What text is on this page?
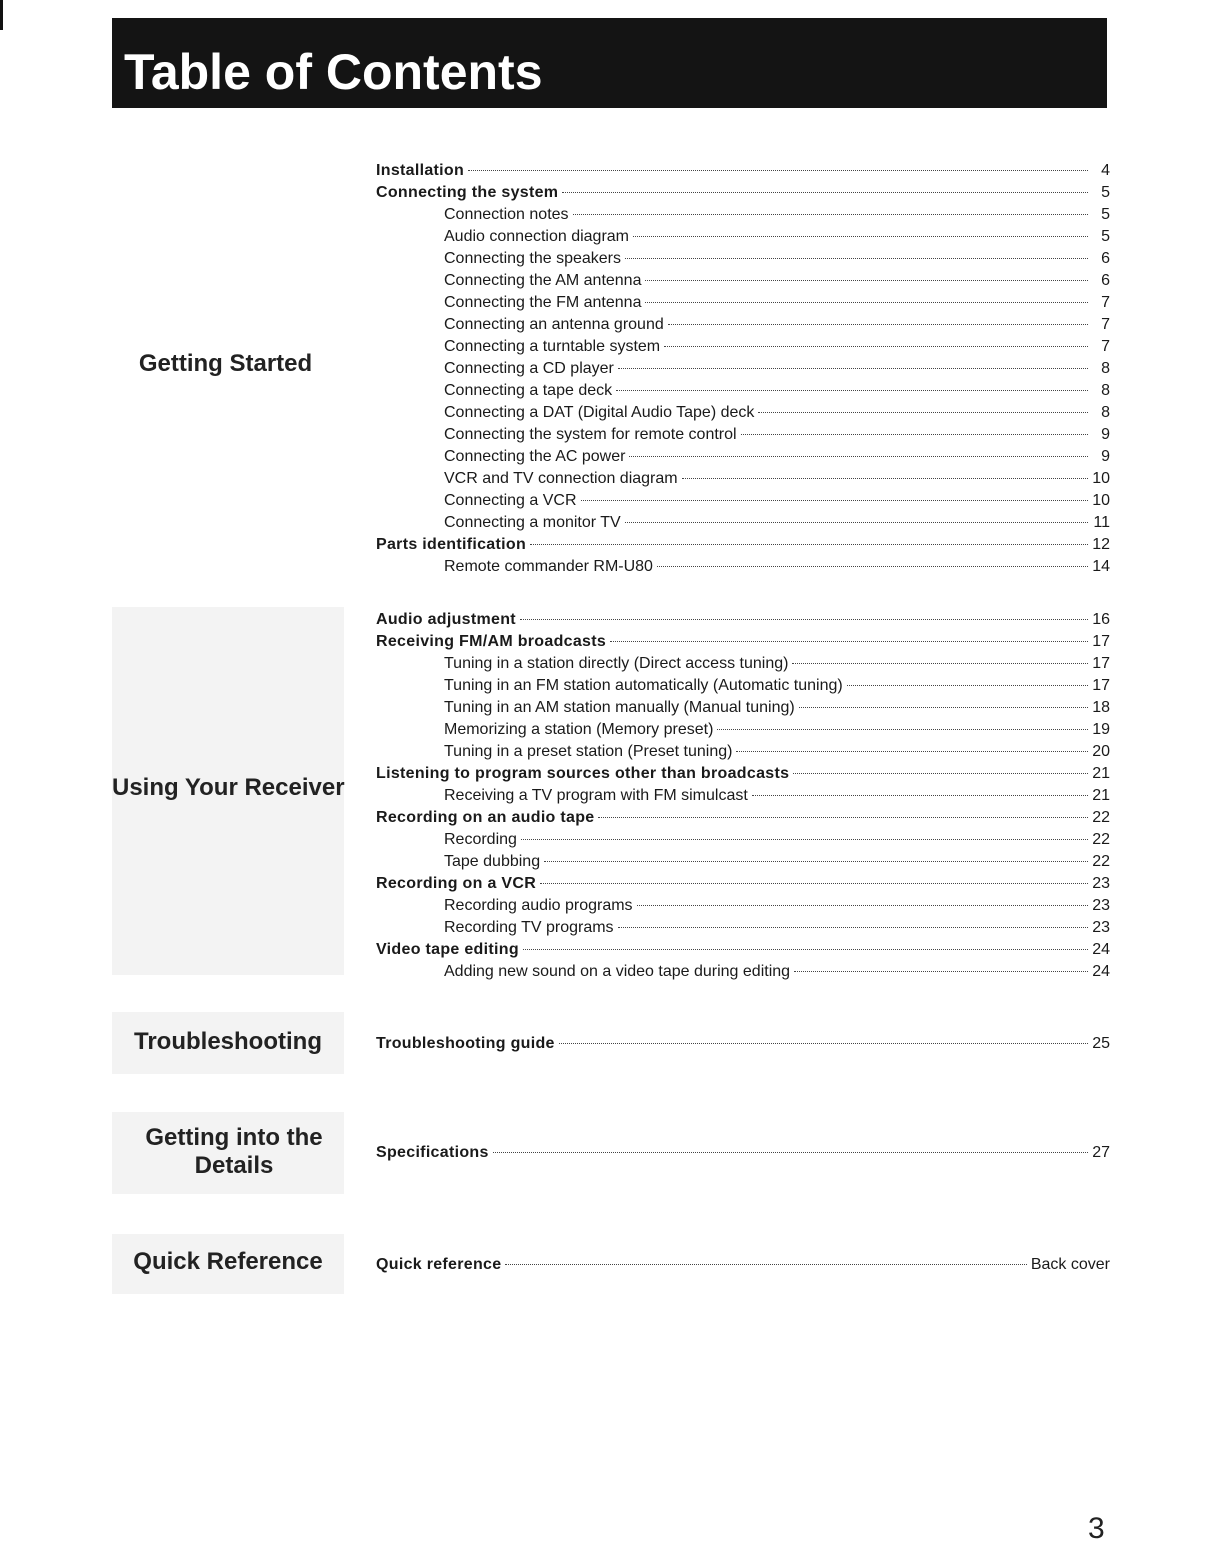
Table of Contents
Getting Started
Installation	4
Connecting the system	5
Connection notes	5
Audio connection diagram	5
Connecting the speakers	6
Connecting the AM antenna	6
Connecting the FM antenna	7
Connecting an antenna ground	7
Connecting a turntable system	7
Connecting a CD player	8
Connecting a tape deck	8
Connecting a DAT (Digital Audio Tape) deck	8
Connecting the system for remote control	9
Connecting the AC power	9
VCR and TV connection diagram	10
Connecting a VCR	10
Connecting a monitor TV	11
Parts identification	12
Remote commander RM-U80	14
Using Your Receiver
Audio adjustment	16
Receiving FM/AM broadcasts	17
Tuning in a station directly (Direct access tuning)	17
Tuning in an FM station automatically (Automatic tuning)	17
Tuning in an AM station manually (Manual tuning)	18
Memorizing a station (Memory preset)	19
Tuning in a preset station (Preset tuning)	20
Listening to program sources other than broadcasts	21
Receiving a TV program with FM simulcast	21
Recording on an audio tape	22
Recording	22
Tape dubbing	22
Recording on a VCR	23
Recording audio programs	23
Recording TV programs	23
Video tape editing	24
Adding new sound on a video tape during editing	24
Troubleshooting	Troubleshooting guide	25
Getting into the
Details	Specifications	27
Quick Reference	Quick reference	Back cover
3
